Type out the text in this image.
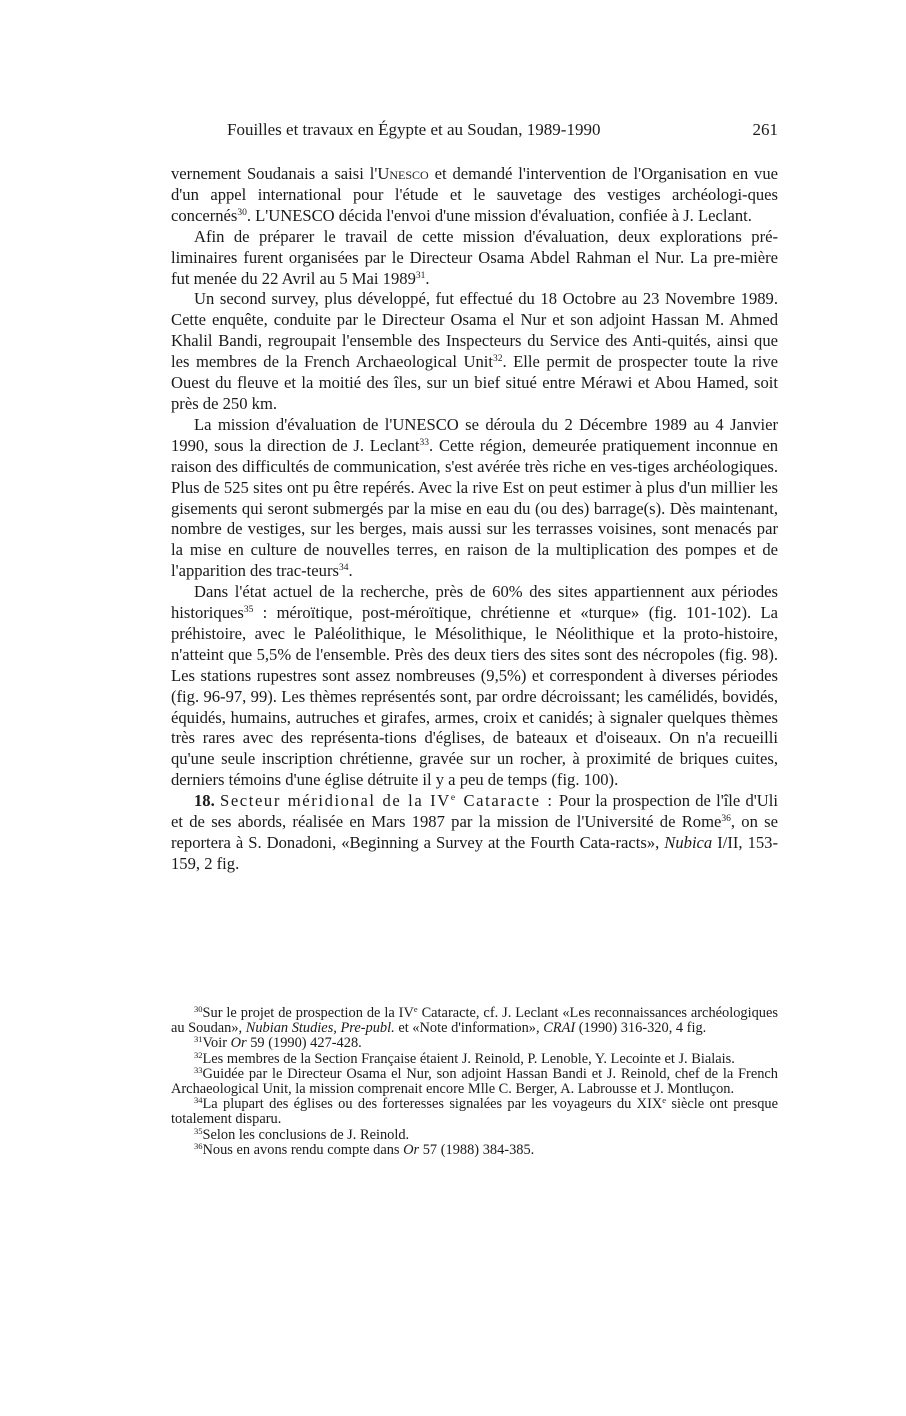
Fouilles et travaux en Égypte et au Soudan, 1989-1990	261

vernement Soudanais a saisi l'Unesco et demandé l'intervention de l'Organisation en vue d'un appel international pour l'étude et le sauvetage des vestiges archéologi-ques concernés$^{30}$. L'UNESCO décida l'envoi d'une mission d'évaluation, confiée à J. Leclant.

Afin de préparer le travail de cette mission d'évaluation, deux explorations pré-liminaires furent organisées par le Directeur Osama Abdel Rahman el Nur. La pre-mière fut menée du 22 Avril au 5 Mai 1989$^{31}$.

Un second survey, plus développé, fut effectué du 18 Octobre au 23 Novembre 1989. Cette enquête, conduite par le Directeur Osama el Nur et son adjoint Hassan M. Ahmed Khalil Bandi, regroupait l'ensemble des Inspecteurs du Service des Anti-quités, ainsi que les membres de la French Archaeological Unit$^{32}$. Elle permit de prospecter toute la rive Ouest du fleuve et la moitié des îles, sur un bief situé entre Mérawi et Abou Hamed, soit près de 250 km.

La mission d'évaluation de l'UNESCO se déroula du 2 Décembre 1989 au 4 Janvier 1990, sous la direction de J. Leclant$^{33}$. Cette région, demeurée pratiquement inconnue en raison des difficultés de communication, s'est avérée très riche en ves-tiges archéologiques. Plus de 525 sites ont pu être repérés. Avec la rive Est on peut estimer à plus d'un millier les gisements qui seront submergés par la mise en eau du (ou des) barrage(s). Dès maintenant, nombre de vestiges, sur les berges, mais aussi sur les terrasses voisines, sont menacés par la mise en culture de nouvelles terres, en raison de la multiplication des pompes et de l'apparition des trac-teurs$^{34}$.

Dans l'état actuel de la recherche, près de 60% des sites appartiennent aux périodes historiques$^{35}$ : méroïtique, post-méroïtique, chrétienne et «turque» (fig. 101-102). La préhistoire, avec le Paléolithique, le Mésolithique, le Néolithique et la proto-histoire, n'atteint que 5,5% de l'ensemble. Près des deux tiers des sites sont des nécropoles (fig. 98). Les stations rupestres sont assez nombreuses (9,5%) et correspondent à diverses périodes (fig. 96-97, 99). Les thèmes représentés sont, par ordre décroissant; les camélidés, bovidés, équidés, humains, autruches et girafes, armes, croix et canidés; à signaler quelques thèmes très rares avec des représenta-tions d'églises, de bateaux et d'oiseaux. On n'a recueilli qu'une seule inscription chrétienne, gravée sur un rocher, à proximité de briques cuites, derniers témoins d'une église détruite il y a peu de temps (fig. 100).

18. Secteur méridional de la IVe Cataracte : Pour la prospection de l'île d'Uli et de ses abords, réalisée en Mars 1987 par la mission de l'Université de Rome$^{36}$, on se reportera à S. Donadoni, «Beginning a Survey at the Fourth Cata-racts», Nubica I/II, 153-159, 2 fig.

$^{30}$Sur le projet de prospection de la IVe Cataracte, cf. J. Leclant «Les reconnaissances archéologiques au Soudan», Nubian Studies, Pre-publ. et «Note d'information», CRAI (1990) 316-320, 4 fig.

$^{31}$Voir Or 59 (1990) 427-428.

$^{32}$Les membres de la Section Française étaient J. Reinold, P. Lenoble, Y. Lecointe et J. Bialais.

$^{33}$Guidée par le Directeur Osama el Nur, son adjoint Hassan Bandi et J. Reinold, chef de la French Archaeological Unit, la mission comprenait encore Mlle C. Berger, A. Labrousse et J. Montluçon.

$^{34}$La plupart des églises ou des forteresses signalées par les voyageurs du XIXe siècle ont presque totalement disparu.

$^{35}$Selon les conclusions de J. Reinold.

$^{36}$Nous en avons rendu compte dans Or 57 (1988) 384-385.
